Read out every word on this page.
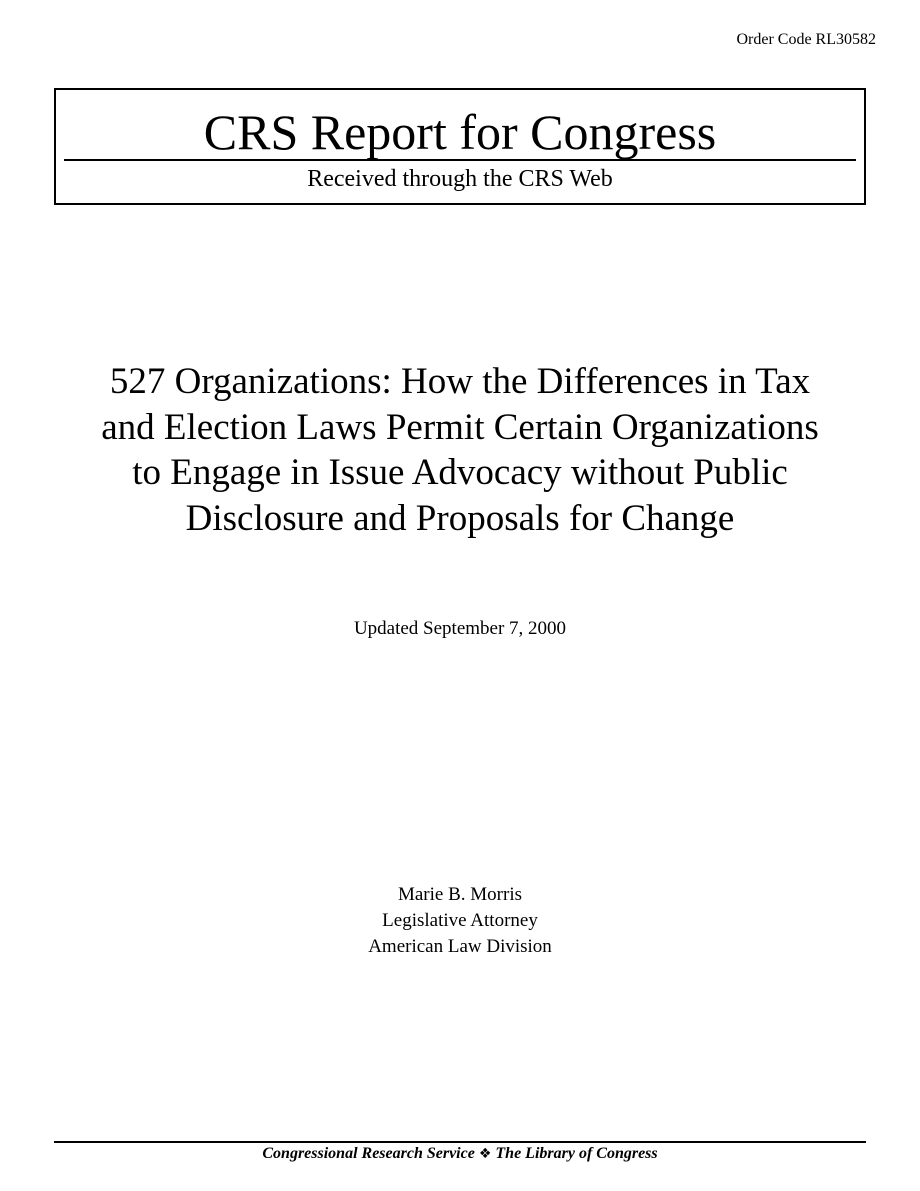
Order Code RL30582
CRS Report for Congress
Received through the CRS Web
527 Organizations: How the Differences in Tax
and Election Laws Permit Certain Organizations
to Engage in Issue Advocacy without Public
Disclosure and Proposals for Change
Updated September 7, 2000
Marie B. Morris
Legislative Attorney
American Law Division
Congressional Research Service ❖ The Library of Congress
